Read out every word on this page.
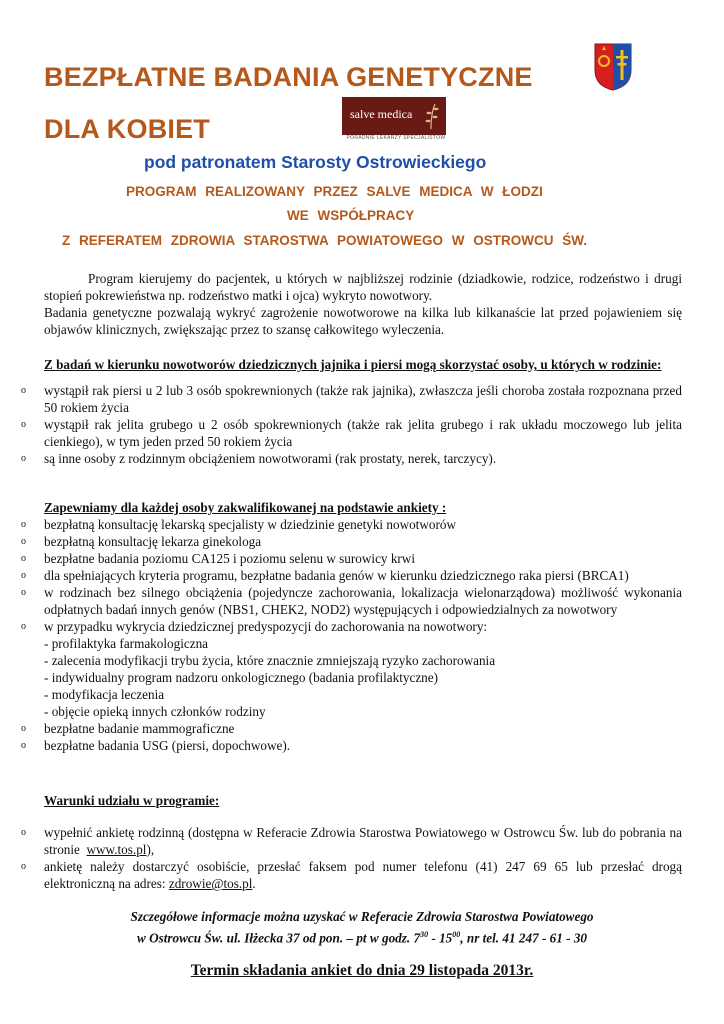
BEZPŁATNE BADANIA GENETYCZNE
DLA KOBIET	salve medica
PORADNIE LEKARZY SPECJALISTÓW
pod patronatem Starosty Ostrowieckiego
PROGRAM REALIZOWANY PRZEZ SALVE MEDICA W ŁODZI
WE WSPÓŁPRACY
Z REFERATEM ZDROWIA STAROSTWA POWIATOWEGO W OSTROWCU ŚW.

Program kierujemy do pacjentek, u których w najbliższej rodzinie (dziadkowie, rodzice, rodzeństwo i drugi stopień pokrewieństwa np. rodzeństwo matki i ojca) wykryto nowotwory.

Badania genetyczne pozwalają wykryć zagrożenie nowotworowe na kilka lub kilkanaście lat przed pojawieniem się objawów klinicznych, zwiększając przez to szansę całkowitego wyleczenia.

Z badań w kierunku nowotworów dziedzicznych jajnika i piersi mogą skorzystać osoby, u których w rodzinie:
o wystąpił rak piersi u 2 lub 3 osób spokrewnionych (także rak jajnika), zwłaszcza jeśli choroba została rozpoznana przed 50 rokiem życia
o wystąpił rak jelita grubego u 2 osób spokrewnionych (także rak jelita grubego i rak układu moczowego lub jelita cienkiego), w tym jeden przed 50 rokiem życia
o są inne osoby z rodzinnym obciążeniem nowotworami (rak prostaty, nerek, tarczycy).
Zapewniamy dla każdej osoby zakwalifikowanej na podstawie ankiety :
o bezpłatną konsultację lekarską specjalisty w dziedzinie genetyki nowotworów
o bezpłatną konsultację lekarza ginekologa
o bezpłatne badania poziomu CA125 i poziomu selenu w surowicy krwi
o dla spełniających kryteria programu, bezpłatne badania genów w kierunku dziedzicznego raka piersi (BRCA1)
o w rodzinach bez silnego obciążenia (pojedyncze zachorowania, lokalizacja wielonarządowa) możliwość wykonania odpłatnych badań innych genów (NBS1, CHEK2, NOD2) występujących i odpowiedzialnych za nowotwory
o w przypadku wykrycia dziedzicznej predyspozycji do zachorowania na nowotwory:
- profilaktyka farmakologiczna
- zalecenia modyfikacji trybu życia, które znacznie zmniejszają ryzyko zachorowania
- indywidualny program nadzoru onkologicznego (badania profilaktyczne)
- modyfikacja leczenia
- objęcie opieką innych członków rodziny
o bezpłatne badanie mammograficzne
o bezpłatne badania USG (piersi, dopochwowe).
Warunki udziału w programie:
o wypełnić ankietę rodzinną (dostępna w Referacie Zdrowia Starostwa Powiatowego w Ostrowcu Św. lub do pobrania na stronie www.tos.pl),
o ankietę należy dostarczyć osobiście, przesłać faksem pod numer telefonu (41) 247 69 65 lub przesłać drogą elektroniczną na adres: zdrowie@tos.pl.
Szczegółowe informacje można uzyskać w Referacie Zdrowia Starostwa Powiatowego
w Ostrowcu Św. ul. Iłżecka 37 od pon. – pt w godz. $7^{30} - 15^{00}$, nr tel. 41 247 - 61 - 30
Termin składania ankiet do dnia 29 listopada 2013r.
